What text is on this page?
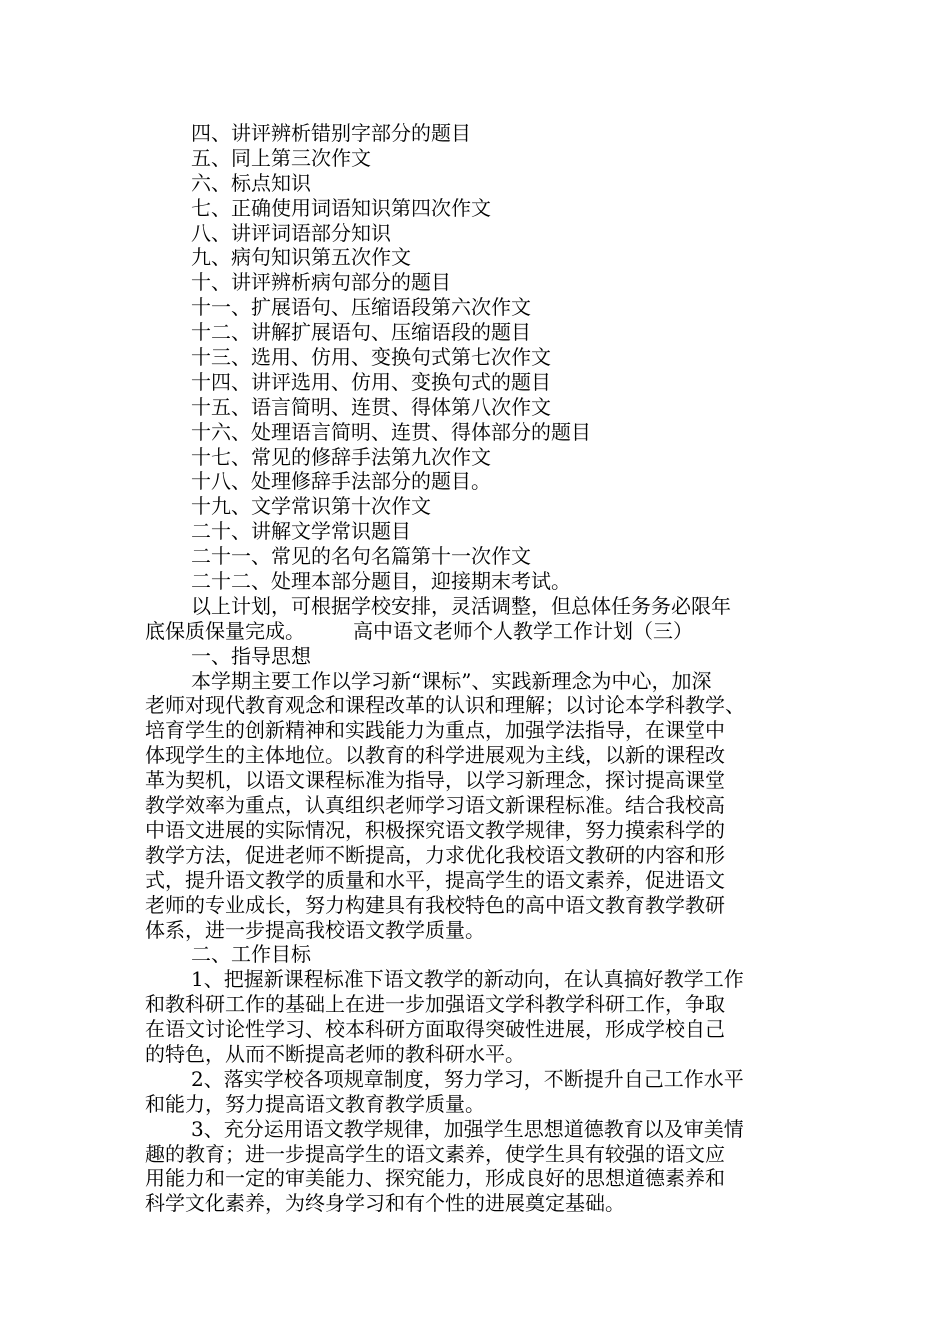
四、讲评辨析错别字部分的题目
五、同上第三次作文
六、标点知识
七、正确使用词语知识第四次作文
八、讲评词语部分知识
九、病句知识第五次作文
十、讲评辨析病句部分的题目
十一、扩展语句、压缩语段第六次作文
十二、讲解扩展语句、压缩语段的题目
十三、选用、仿用、变换句式第七次作文
十四、讲评选用、仿用、变换句式的题目
十五、语言简明、连贯、得体第八次作文
十六、处理语言简明、连贯、得体部分的题目
十七、常见的修辞手法第九次作文
十八、处理修辞手法部分的题目。
十九、文学常识第十次作文
二十、讲解文学常识题目
二十一、常见的名句名篇第十一次作文
二十二、处理本部分题目，迎接期末考试。
以上计划，可根据学校安排，灵活调整，但总体任务务必限年
底保质保量完成。 高中语文老师个人教学工作计划（三）
一、指导思想
本学期主要工作以学习新“课标”、实践新理念为中心，加深
老师对现代教育观念和课程改革的认识和理解；以讨论本学科教学、
培育学生的创新精神和实践能力为重点，加强学法指导，在课堂中
体现学生的主体地位。以教育的科学进展观为主线，以新的课程改
革为契机，以语文课程标准为指导，以学习新理念，探讨提高课堂
教学效率为重点，认真组织老师学习语文新课程标准。结合我校高
中语文进展的实际情况，积极探究语文教学规律，努力摸索科学的
教学方法，促进老师不断提高，力求优化我校语文教研的内容和形
式，提升语文教学的质量和水平，提高学生的语文素养，促进语文
老师的专业成长，努力构建具有我校特色的高中语文教育教学教研
体系，进一步提高我校语文教学质量。
二、工作目标
1、把握新课程标准下语文教学的新动向，在认真搞好教学工作
和教科研工作的基础上在进一步加强语文学科教学科研工作，争取
在语文讨论性学习、校本科研方面取得突破性进展，形成学校自己
的特色，从而不断提高老师的教科研水平。
2、落实学校各项规章制度，努力学习，不断提升自己工作水平
和能力，努力提高语文教育教学质量。
3、充分运用语文教学规律，加强学生思想道德教育以及审美情
趣的教育；进一步提高学生的语文素养，使学生具有较强的语文应
用能力和一定的审美能力、探究能力，形成良好的思想道德素养和
科学文化素养，为终身学习和有个性的进展奠定基础。
